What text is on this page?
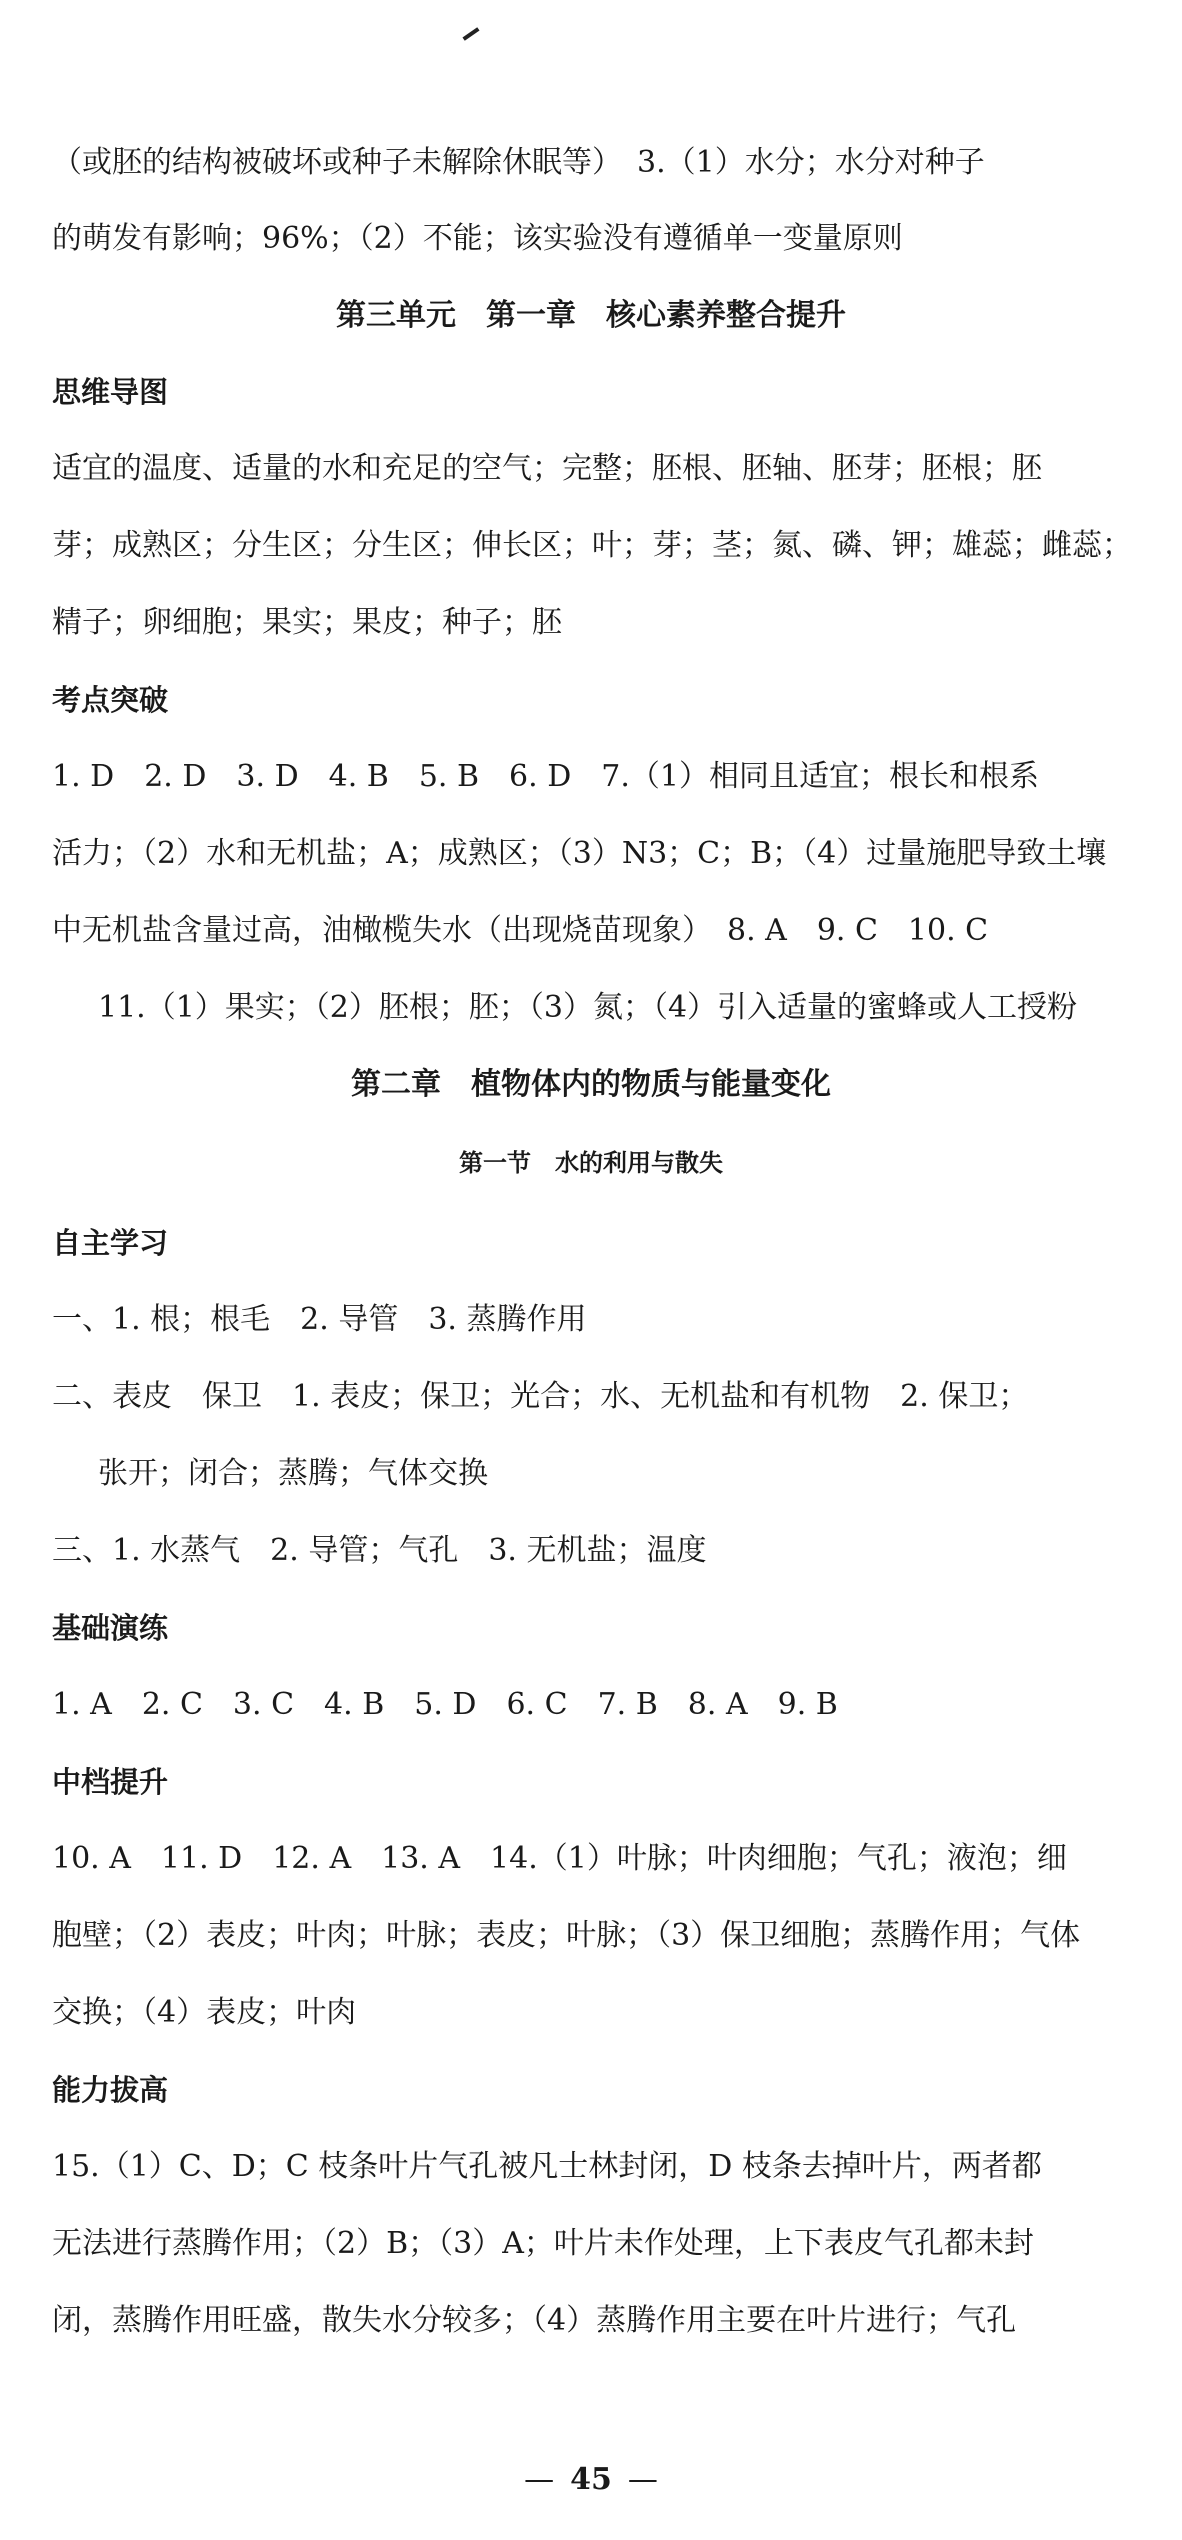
（或胚的结构被破坏或种子未解除休眠等）　3.（1）水分；水分对种子
的萌发有影响；96%；（2）不能；该实验没有遵循单一变量原则
第三单元　第一章　核心素养整合提升
思维导图
适宜的温度、适量的水和充足的空气；完整；胚根、胚轴、胚芽；胚根；胚
芽；成熟区；分生区；分生区；伸长区；叶；芽；茎；氮、磷、钾；雄蕊；雌蕊；
精子；卵细胞；果实；果皮；种子；胚
考点突破
1. D　2. D　3. D　4. B　5. B　6. D　7.（1）相同且适宜；根长和根系
活力；（2）水和无机盐；A；成熟区；（3）N3；C；B；（4）过量施肥导致土壤
中无机盐含量过高，油橄榄失水（出现烧苗现象）　8. A　9. C　10. C
11.（1）果实；（2）胚根；胚；（3）氮；（4）引入适量的蜜蜂或人工授粉
第二章　植物体内的物质与能量变化
第一节　水的利用与散失
自主学习
一、1. 根；根毛　2. 导管　3. 蒸腾作用
二、表皮　保卫　1. 表皮；保卫；光合；水、无机盐和有机物　2. 保卫；
张开；闭合；蒸腾；气体交换
三、1. 水蒸气　2. 导管；气孔　3. 无机盐；温度
基础演练
1. A　2. C　3. C　4. B　5. D　6. C　7. B　8. A　9. B
中档提升
10. A　11. D　12. A　13. A　14.（1）叶脉；叶肉细胞；气孔；液泡；细
胞壁；（2）表皮；叶肉；叶脉；表皮；叶脉；（3）保卫细胞；蒸腾作用；气体
交换；（4）表皮；叶肉
能力拔高
15.（1）C、D；C 枝条叶片气孔被凡士林封闭，D 枝条去掉叶片，两者都
无法进行蒸腾作用；（2）B；（3）A；叶片未作处理，上下表皮气孔都未封
闭，蒸腾作用旺盛，散失水分较多；（4）蒸腾作用主要在叶片进行；气孔
— 45 —
